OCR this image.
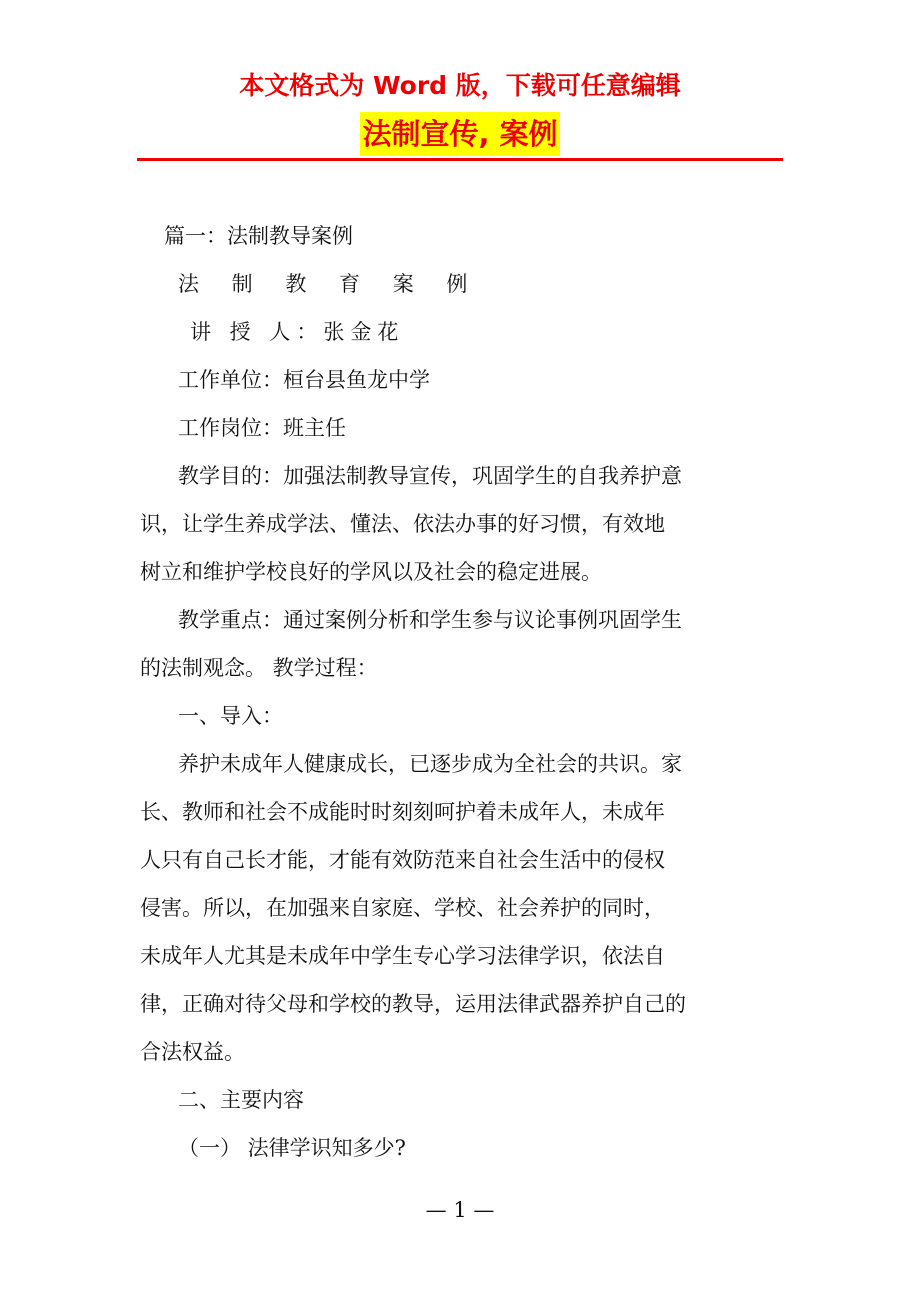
本文格式为 Word 版，下载可任意编辑
法制宣传, 案例

篇一：法制教导案例

法 制 教 育 案 例

讲 授 人：张金花

工作单位：桓台县鱼龙中学

工作岗位：班主任

教学目的：加强法制教导宣传，巩固学生的自我养护意

识，让学生养成学法、懂法、依法办事的好习惯，有效地

树立和维护学校良好的学风以及社会的稳定进展。

教学重点：通过案例分析和学生参与议论事例巩固学生

的法制观念。 教学过程：

一、导入：

养护未成年人健康成长，已逐步成为全社会的共识。家

长、教师和社会不成能时时刻刻呵护着未成年人，未成年

人只有自己长才能，才能有效防范来自社会生活中的侵权

侵害。所以，在加强来自家庭、学校、社会养护的同时，

未成年人尤其是未成年中学生专心学习法律学识，依法自

律，正确对待父母和学校的教导，运用法律武器养护自己的

合法权益。

二、主要内容

（一） 法律学识知多少?

— 1 —
